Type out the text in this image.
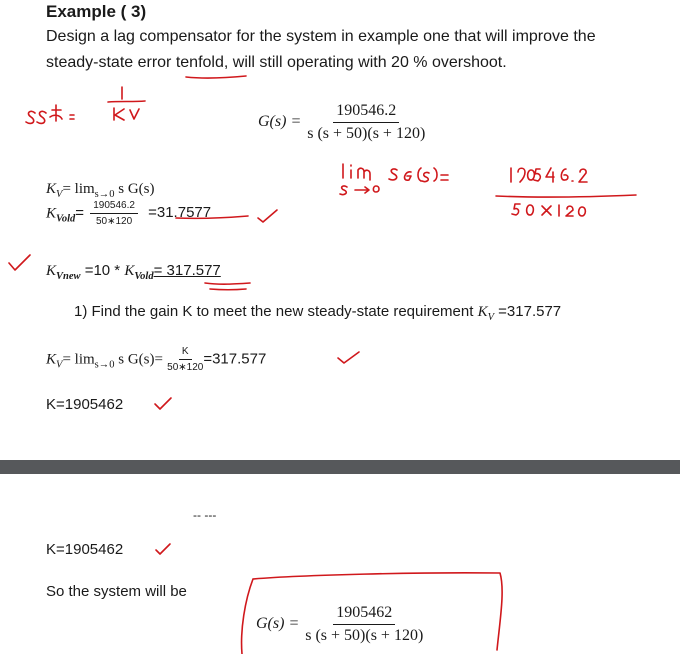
Example ( 3)
Design a lag compensator for the system in example one that will improve the
steady-state error tenfold, will still operating with 20 % overshoot.
$G(s) = \frac{190546.2}{s (s + 50)(s + 120)}$
$K_V= \lim_{s\to 0} s$ G(s)
$K_{Vold}= \frac{190546.2}{50∗120} =31.7577$
$K_{Vnew} =10 * K_{Vold}= 317.577$
1) Find the gain K to meet the new steady-state requirement $K_V =317.577$
$K_V= \lim_{s\to 0} s$ $G(s)= \frac{K}{50∗120} =317.577$
K=1905462
-- ---
K=1905462
So the system will be
$G(s) = \frac{1905462}{s (s + 50)(s + 120)}$
